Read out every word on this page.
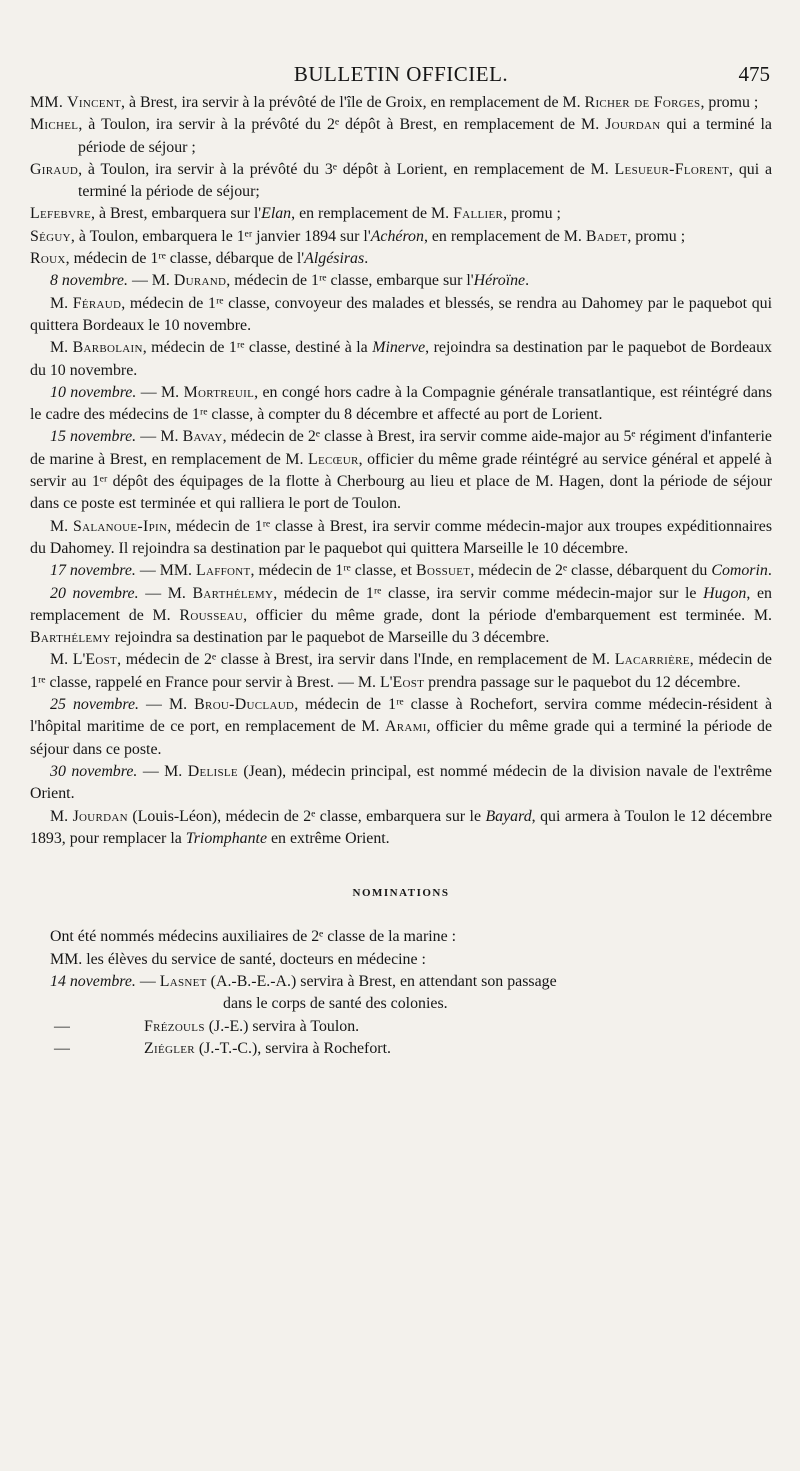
BULLETIN OFFICIEL.	475

MM. Vincent, à Brest, ira servir à la prévôté de l'île de Groix, en remplacement de M. Richer de Forges, promu ;

Michel, à Toulon, ira servir à la prévôté du 2ᵉ dépôt à Brest, en remplacement de M. Jourdan qui a terminé la période de séjour ;

Giraud, à Toulon, ira servir à la prévôté du 3ᵉ dépôt à Lorient, en remplacement de M. Lesueur-Florent, qui a terminé la période de séjour;

Lefebvre, à Brest, embarquera sur l'Elan, en remplacement de M. Fallier, promu ;

Séguy, à Toulon, embarquera le 1ᵉʳ janvier 1894 sur l'Achéron, en remplacement de M. Badet, promu ;

Roux, médecin de 1ʳᵉ classe, débarque de l'Algésiras.

8 novembre. — M. Durand, médecin de 1ʳᵉ classe, embarque sur l'Héroïne.

M. Féraud, médecin de 1ʳᵉ classe, convoyeur des malades et blessés, se rendra au Dahomey par le paquebot qui quittera Bordeaux le 10 novembre.

M. Barbolain, médecin de 1ʳᵉ classe, destiné à la Minerve, rejoindra sa destination par le paquebot de Bordeaux du 10 novembre.

10 novembre. — M. Mortreuil, en congé hors cadre à la Compagnie générale transatlantique, est réintégré dans le cadre des médecins de 1ʳᵉ classe, à compter du 8 décembre et affecté au port de Lorient.

15 novembre. — M. Bavay, médecin de 2ᵉ classe à Brest, ira servir comme aide-major au 5ᵉ régiment d'infanterie de marine à Brest, en remplacement de M. Lecœur, officier du même grade réintégré au service général et appelé à servir au 1ᵉʳ dépôt des équipages de la flotte à Cherbourg au lieu et place de M. Hagen, dont la période de séjour dans ce poste est terminée et qui ralliera le port de Toulon.

M. Salanoue-Ipin, médecin de 1ʳᵉ classe à Brest, ira servir comme médecin-major aux troupes expéditionnaires du Dahomey. Il rejoindra sa destination par le paquebot qui quittera Marseille le 10 décembre.

17 novembre. — MM. Laffont, médecin de 1ʳᵉ classe, et Bossuet, médecin de 2ᵉ classe, débarquent du Comorin.

20 novembre. — M. Barthélemy, médecin de 1ʳᵉ classe, ira servir comme médecin-major sur le Hugon, en remplacement de M. Rousseau, officier du même grade, dont la période d'embarquement est terminée. M. Barthélemy rejoindra sa destination par le paquebot de Marseille du 3 décembre.

M. L'Eost, médecin de 2ᵉ classe à Brest, ira servir dans l'Inde, en remplacement de M. Lacarrière, médecin de 1ʳᵉ classe, rappelé en France pour servir à Brest. — M. L'Eost prendra passage sur le paquebot du 12 décembre.

25 novembre. — M. Brou-Duclaud, médecin de 1ʳᵉ classe à Rochefort, servira comme médecin-résident à l'hôpital maritime de ce port, en remplacement de M. Arami, officier du même grade qui a terminé la période de séjour dans ce poste.

30 novembre. — M. Delisle (Jean), médecin principal, est nommé médecin de la division navale de l'extrême Orient.

M. Jourdan (Louis-Léon), médecin de 2ᵉ classe, embarquera sur le Bayard, qui armera à Toulon le 12 décembre 1893, pour remplacer la Triomphante en extrême Orient.

NOMINATIONS

Ont été nommés médecins auxiliaires de 2ᵉ classe de la marine :

MM. les élèves du service de santé, docteurs en médecine :

14 novembre. — Lasnet (A.-B.-E.-A.) servira à Brest, en attendant son passage

dans le corps de santé des colonies.

—	Frézouls (J.-E.) servira à Toulon.
—	Ziégler (J.-T.-C.), servira à Rochefort.
